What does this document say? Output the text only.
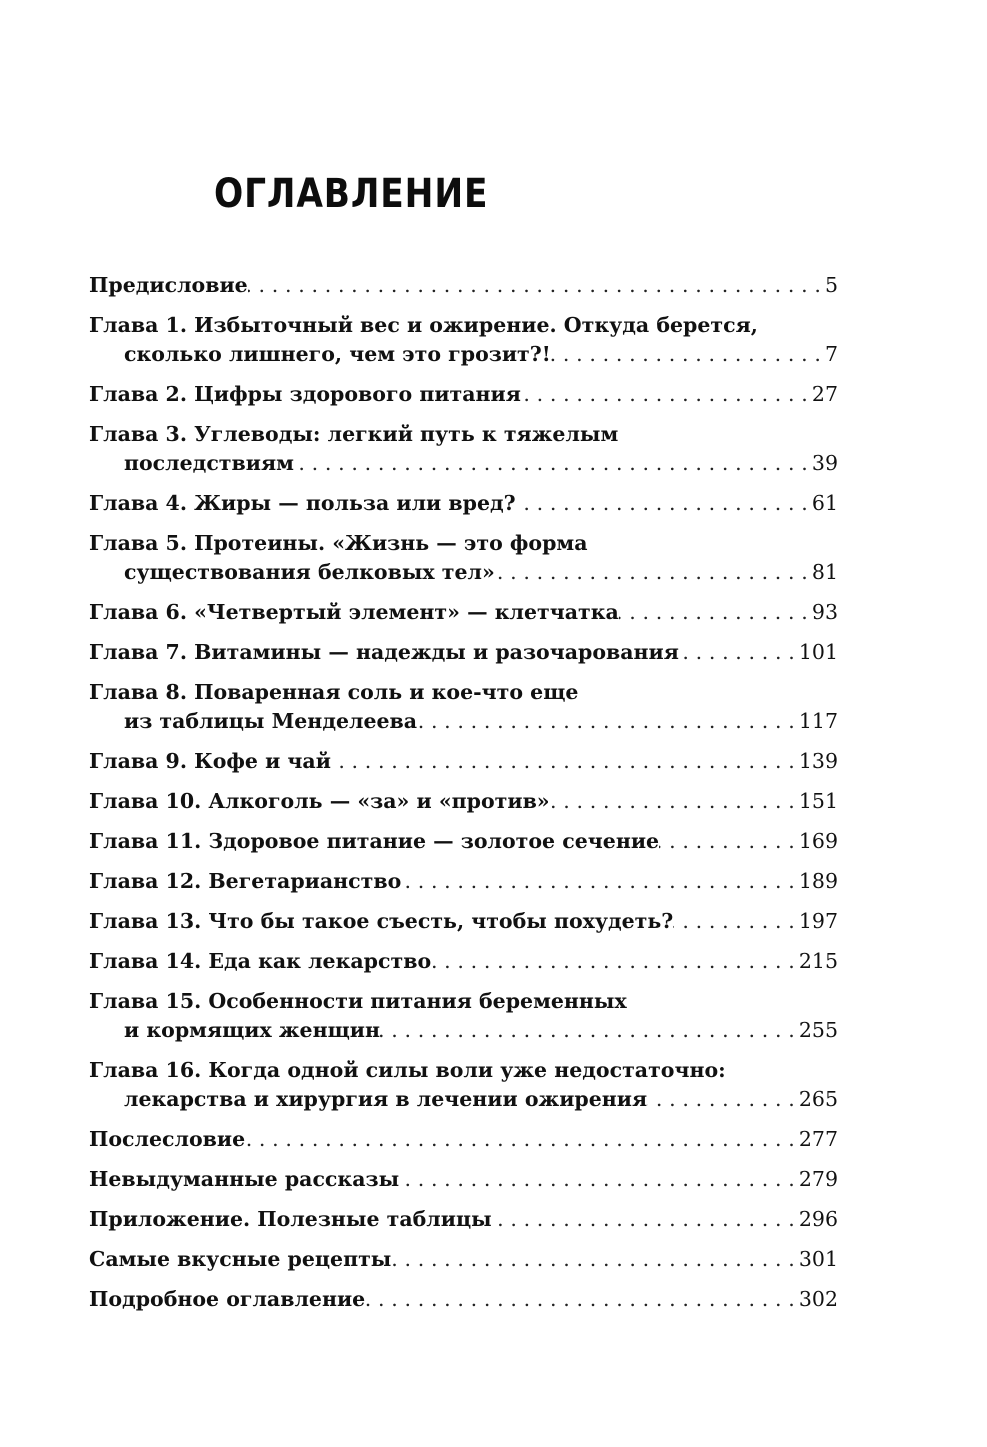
ОГЛАВЛЕНИЕ
Предисловие . . .	5
Глава 1. Избыточный вес и ожирение. Откуда берется,
сколько лишнего, чем это грозит?! . . .	7
Глава 2. Цифры здорового питания . . .	27
Глава 3. Углеводы: легкий путь к тяжелым
последствиям . . .	39
Глава 4. Жиры — польза или вред? . . .	61
Глава 5. Протеины. «Жизнь — это форма
существования белковых тел» . . .	81
Глава 6. «Четвертый элемент» — клетчатка . . .	93
Глава 7. Витамины — надежды и разочарования . . .	101
Глава 8. Поваренная соль и кое-что еще
из таблицы Менделеева . . .	117
Глава 9. Кофе и чай . . .	139
Глава 10. Алкоголь — «за» и «против» . . .	151
Глава 11. Здоровое питание — золотое сечение . . .	169
Глава 12. Вегетарианство . . .	189
Глава 13. Что бы такое съесть, чтобы похудеть? . . .	197
Глава 14. Еда как лекарство . . .	215
Глава 15. Особенности питания беременных
и кормящих женщин . . .	255
Глава 16. Когда одной силы воли уже недостаточно:
лекарства и хирургия в лечении ожирения . . .	265
Послесловие . . .	277
Невыдуманные рассказы . . .	279
Приложение. Полезные таблицы . . .	296
Самые вкусные рецепты . . .	301
Подробное оглавление . . .	302
